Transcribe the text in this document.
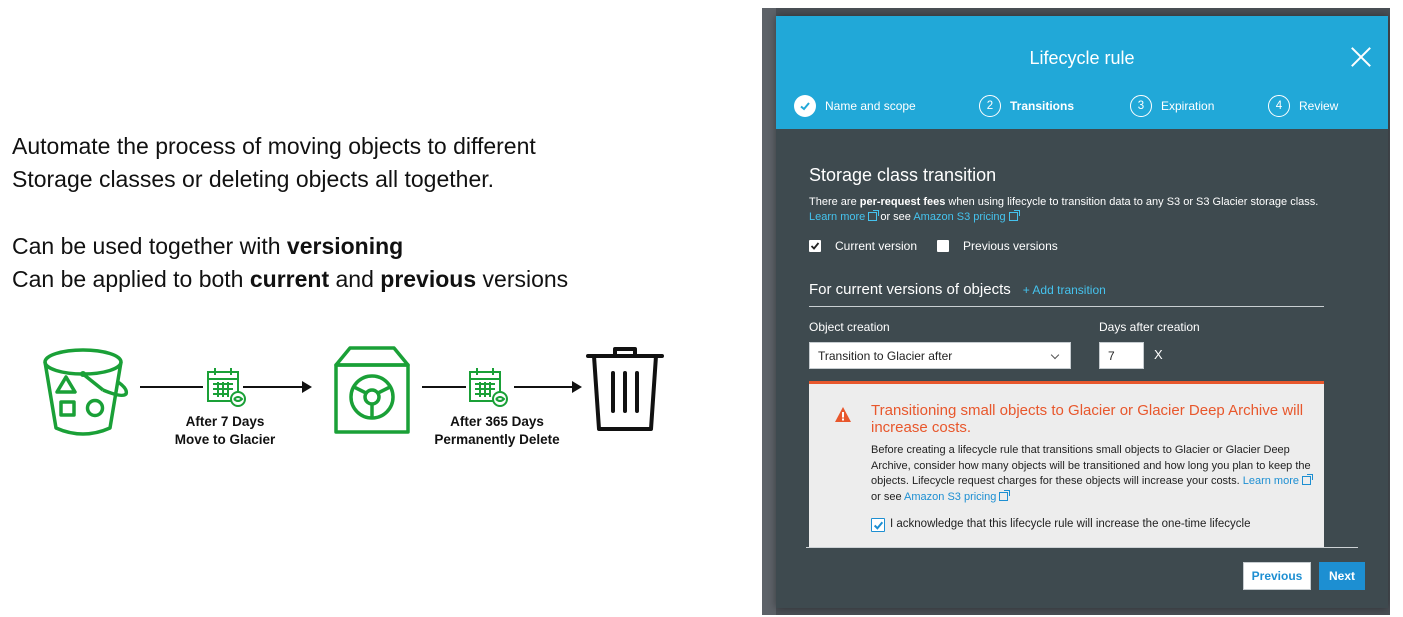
Automate the process of moving objects to different
Storage classes or deleting objects all together.
Can be used together with versioning
Can be applied to both current and previous versions
After 7 Days
Move to Glacier
After 365 Days
Permanently Delete
Lifecycle rule
Name and scope	2	Transitions	3	Expiration	4	Review
Storage class transition
There are per-request fees when using lifecycle to transition data to any S3 or S3 Glacier storage class. Learn more or see Amazon S3 pricing
Current version	Previous versions
For current versions of objects + Add transition
Object creation	Days after creation
Transition to Glacier after	7	X
Transitioning small objects to Glacier or Glacier Deep Archive will increase costs.
Before creating a lifecycle rule that transitions small objects to Glacier or Glacier Deep Archive, consider how many objects will be transitioned and how long you plan to keep the objects. Lifecycle request charges for these objects will increase your costs. Learn more or see Amazon S3 pricing
I acknowledge that this lifecycle rule will increase the one-time lifecycle
Previous	Next
